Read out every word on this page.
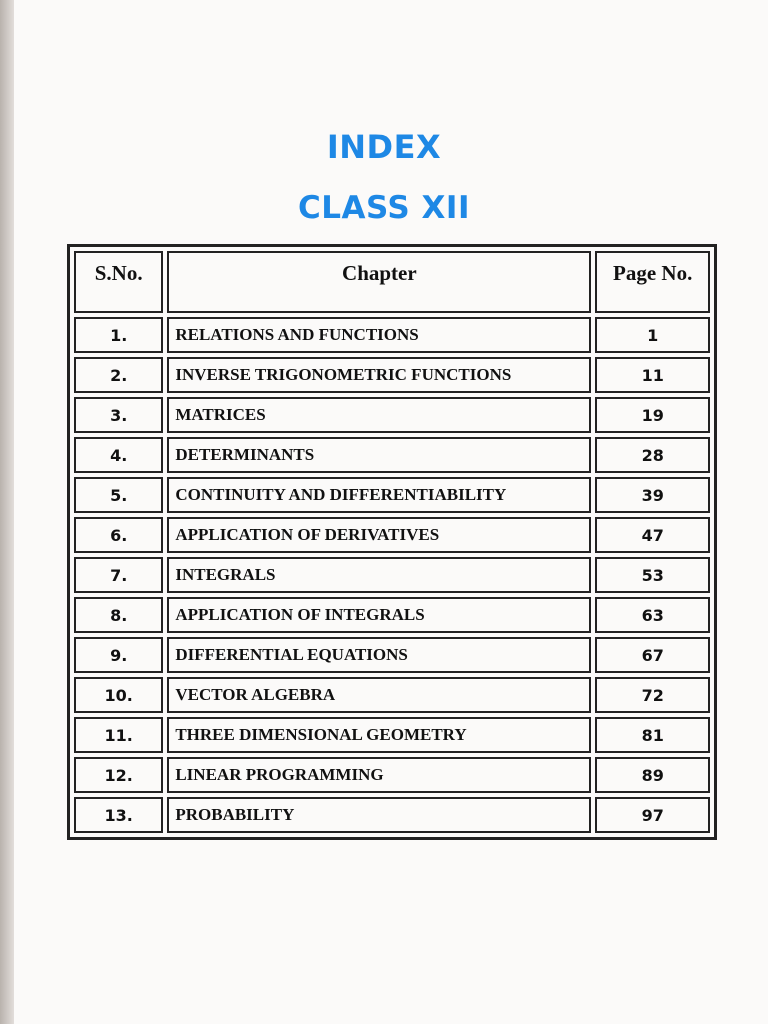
INDEX
CLASS XII
S.No.	Chapter	Page No.
1.	RELATIONS AND FUNCTIONS	1
2.	INVERSE TRIGONOMETRIC FUNCTIONS	11
3.	MATRICES	19
4.	DETERMINANTS	28
5.	CONTINUITY AND DIFFERENTIABILITY	39
6.	APPLICATION OF DERIVATIVES	47
7.	INTEGRALS	53
8.	APPLICATION OF INTEGRALS	63
9.	DIFFERENTIAL EQUATIONS	67
10.	VECTOR ALGEBRA	72
11.	THREE DIMENSIONAL GEOMETRY	81
12.	LINEAR PROGRAMMING	89
13.	PROBABILITY	97
